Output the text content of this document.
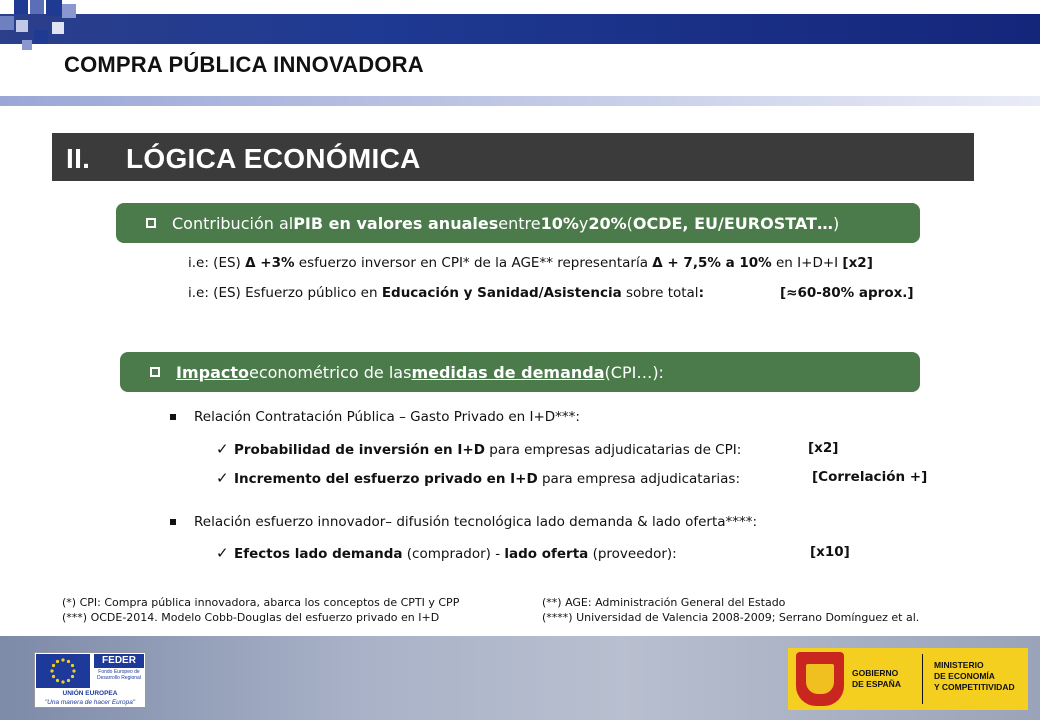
COMPRA PÚBLICA INNOVADORA
II. LÓGICA ECONÓMICA
Contribución al PIB en valores anuales entre 10% y 20% ( OCDE, EU/EUROSTAT… )
i.e: (ES) Δ +3% esfuerzo inversor en CPI* de la AGE** representaría Δ + 7,5% a 10% en I+D+I [x2]
i.e: (ES) Esfuerzo público en Educación y Sanidad/Asistencia sobre total:	[≈60-80% aprox.]
Impacto econométrico de las medidas de demanda (CPI…):
Relación Contratación Pública – Gasto Privado en I+D***:
✓ Probabilidad de inversión en I+D para empresas adjudicatarias de CPI:	[x2]
✓ Incremento del esfuerzo privado en I+D para empresa adjudicatarias:	[Correlación +]
Relación esfuerzo innovador– difusión tecnológica lado demanda & lado oferta****:
✓ Efectos lado demanda (comprador) - lado oferta (proveedor):	[x10]
(*) CPI: Compra pública innovadora, abarca los conceptos de CPTI y CPP
(***) OCDE-2014. Modelo Cobb-Douglas del esfuerzo privado en I+D
(**) AGE: Administración General del Estado
(****) Universidad de Valencia 2008-2009; Serrano Domínguez et al.
FEDER
Fondo Europeo de Desarrollo Regional
UNIÓN EUROPEA
"Una manera de hacer Europa"
GOBIERNO
DE ESPAÑA
MINISTERIO
DE ECONOMÍA
Y COMPETITIVIDAD
